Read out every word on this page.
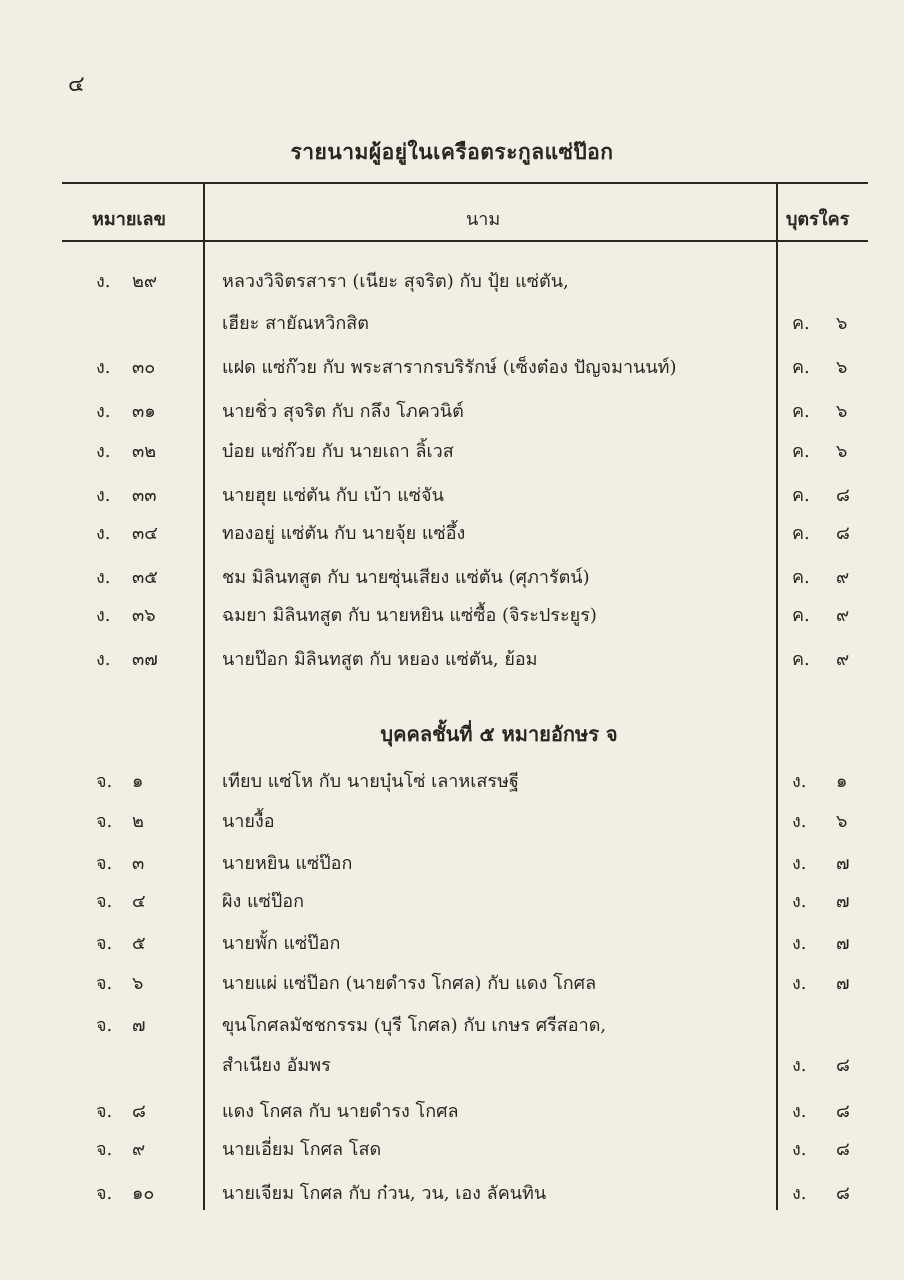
๔
รายนามผู้อยู่ในเครือตระกูลแซ่ป๊อก
หมายเลข	นาม	บุตรใคร
บุคคลชั้นที่ ๕ หมายอักษร จ
ง. ๒๙	หลวงวิจิตรสารา (เนียะ สุจริต) กับ ปุ้ย แซ่ตัน,
เฮียะ สายัณหวิกสิต	ค. ๖
ง. ๓๐	แฝด แซ่ก๊วย กับ พระสารากรบริรักษ์ (เซ็งต๋อง ปัญจมานนท์)	ค. ๖
ง. ๓๑	นายชิ่ว สุจริต กับ กลึง โภควนิต์	ค. ๖
ง. ๓๒	บ๋อย แซ่ก๊วย กับ นายเถา ลิ้เวส	ค. ๖
ง. ๓๓	นายฮุย แซ่ตัน กับ เบ้า แซ่จัน	ค. ๘
ง. ๓๔	ทองอยู่ แซ่ตัน กับ นายจุ้ย แซ่อึ้ง	ค. ๘
ง. ๓๕	ชม มิลินทสูต กับ นายซุ่นเสียง แซ่ตัน (ศุภารัตน์)	ค. ๙
ง. ๓๖	ฉมยา มิลินทสูต กับ นายหยิน แซ่ซื้อ (จิระประยูร)	ค. ๙
ง. ๓๗	นายป๊อก มิลินทสูต กับ หยอง แซ่ตัน, ย้อม	ค. ๙
จ. ๑	เทียบ แซ่โห กับ นายบุ๋นโซ่ เลาหเสรษฐี	ง. ๑
จ. ๒	นายงื้อ	ง. ๖
จ. ๓	นายหยิน แซ่ป๊อก	ง. ๗
จ. ๔	ผิง แซ่ป๊อก	ง. ๗
จ. ๕	นายพั้ก แซ่ป๊อก	ง. ๗
จ. ๖	นายแผ่ แซ่ป๊อก (นายดำรง โกศล) กับ แดง โกศล	ง. ๗
จ. ๗	ขุนโกศลมัชชกรรม (บุรี โกศล) กับ เกษร ศรีสอาด,
สำเนียง อัมพร	ง. ๘
จ. ๘	แดง โกศล กับ นายดำรง โกศล	ง. ๘
จ. ๙	นายเอี่ยม โกศล โสด	ง. ๘
จ. ๑๐	นายเจียม โกศล กับ ก๋วน, วน, เอง ลัคนทิน	ง. ๘
